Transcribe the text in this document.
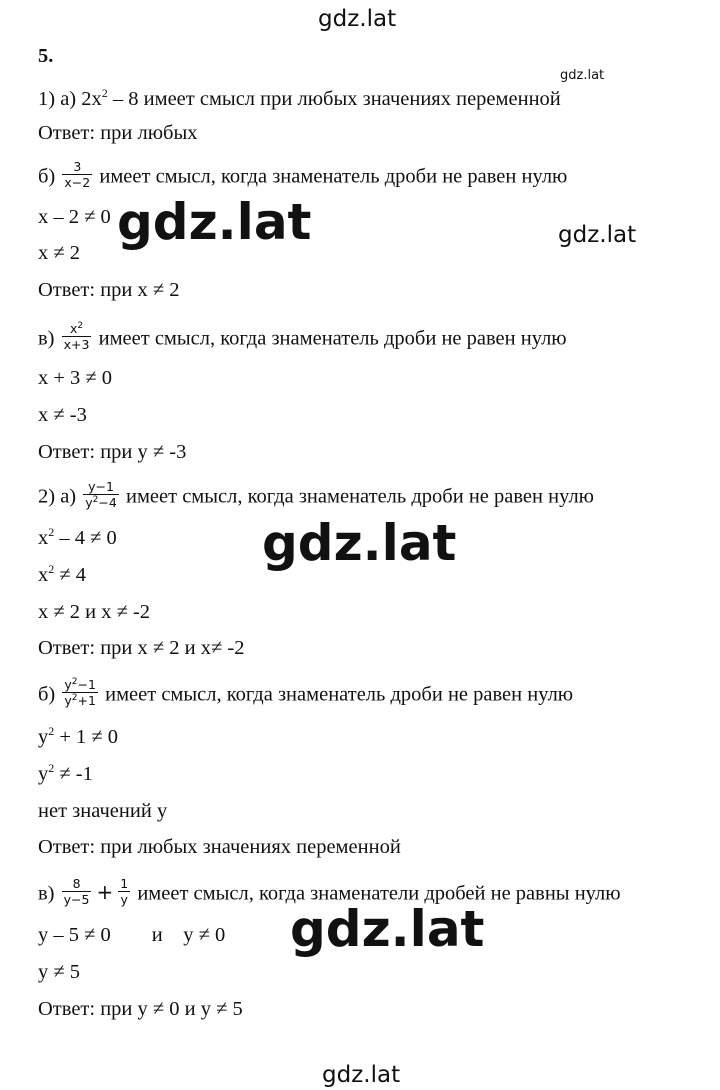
gdz.lat
gdz.lat
gdz.lat	gdz.lat
gdz.lat
gdz.lat
gdz.lat
5.
1) а) $2x^2 - 8$ имеет смысл при любых значениях переменной
Ответ: при любых
$б) \frac{3}{x-2}$ имеет смысл, когда знаменатель дроби не равен нулю
x – 2 ≠ 0
x ≠ 2
Ответ: при x ≠ 2
$в) \frac{x^2}{x+3}$ имеет смысл, когда знаменатель дроби не равен нулю
x + 3 ≠ 0
x ≠ -3
Ответ: при y ≠ -3
2) $а) \frac{y-1}{y^2-4}$ имеет смысл, когда знаменатель дроби не равен нулю
$x^2 - 4 \ne 0$
$x^2 \ne 4$
x ≠ 2 и x ≠ -2
Ответ: при x ≠ 2 и x≠ -2
$б) \frac{y^2-1}{y^2+1}$ имеет смысл, когда знаменатель дроби не равен нулю
$y^2 + 1 \ne 0$
$y^2 \ne -1$
нет значений y
Ответ: при любых значениях переменной
$в) \frac{8}{y-5} + \frac{1}{y}$ имеет смысл, когда знаменатели дробей не равны нулю
y – 5 ≠ 0        и    y ≠ 0
y ≠ 5
Ответ: при y ≠ 0 и y ≠ 5
